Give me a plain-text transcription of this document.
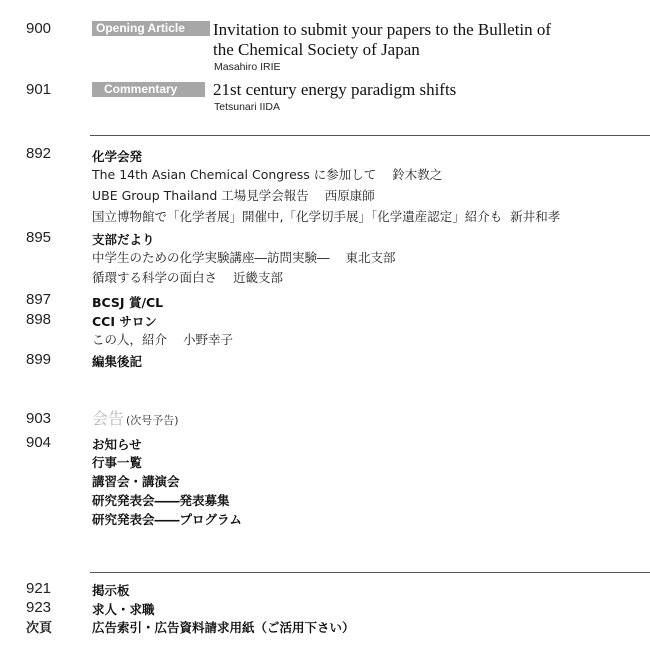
900	Opening Article	Invitation to submit your papers to the Bulletin of
the Chemical Society of Japan
Masahiro IRIE
901	Commentary	21st century energy paradigm shifts
Tetsunari IIDA
892	化学会発
The 14th Asian Chemical Congress に参加して 鈴木教之
UBE Group Thailand 工場見学会報告 西原康師
国立博物館で「化学者展」開催中,「化学切手展」「化学遺産認定」紹介も 新井和孝
895	支部だより
中学生のための化学実験講座―訪問実験― 東北支部
循環する科学の面白さ 近畿支部
897	BCSJ 賞/CL
898	CCI サロン
この人，紹介 小野幸子
899	編集後記
903	会告 (次号予告)
904	お知らせ
行事一覧
講習会・講演会
研究発表会――発表募集
研究発表会――プログラム
921	掲示板
923	求人・求職
次頁	広告索引・広告資料請求用紙（ご活用下さい）
